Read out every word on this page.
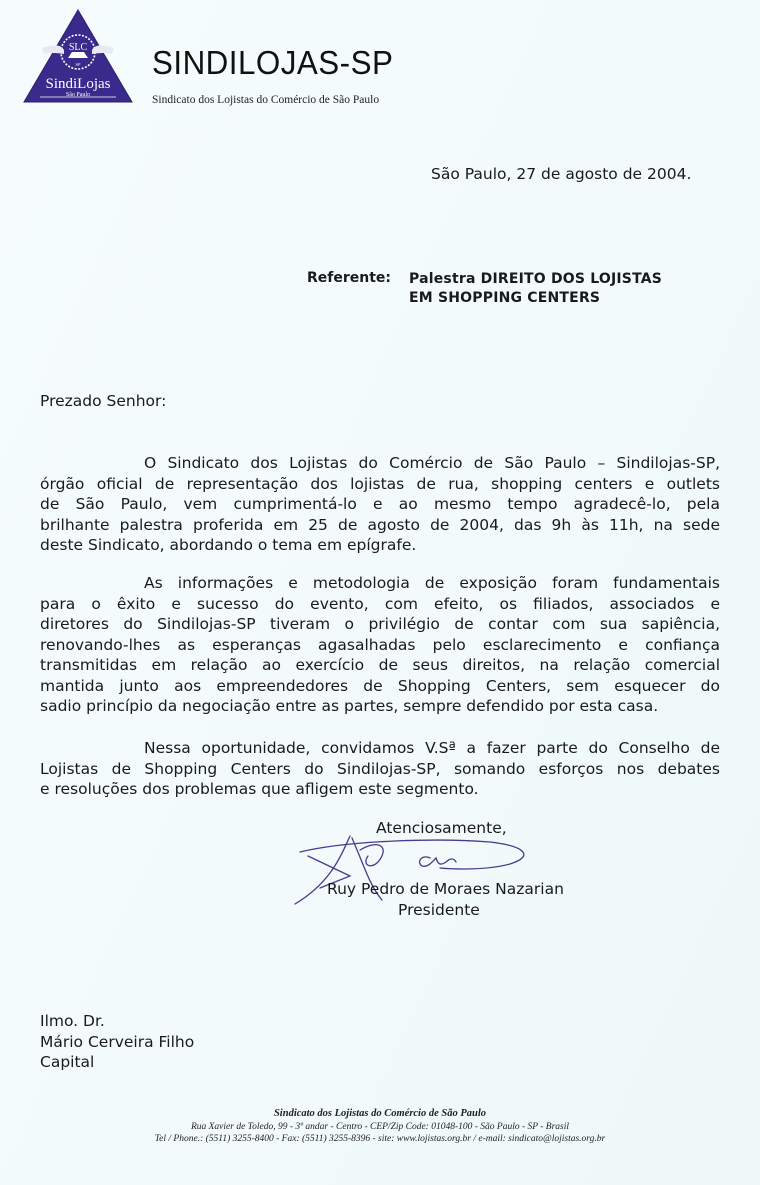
SLC
SP
SindiLojas
São Paulo
SINDILOJAS-SP
Sindicato dos Lojistas do Comércio de São Paulo
São Paulo, 27 de agosto de 2004.
Referente: Palestra DIREITO DOS LOJISTAS
EM SHOPPING CENTERS
Prezado Senhor:
O Sindicato dos Lojistas do Comércio de São Paulo – Sindilojas-SP,
órgão oficial de representação dos lojistas de rua, shopping centers e outlets
de São Paulo, vem cumprimentá-lo e ao mesmo tempo agradecê-lo, pela
brilhante palestra proferida em 25 de agosto de 2004, das 9h às 11h, na sede
deste Sindicato, abordando o tema em epígrafe.
As informações e metodologia de exposição foram fundamentais
para o êxito e sucesso do evento, com efeito, os filiados, associados e
diretores do Sindilojas-SP tiveram o privilégio de contar com sua sapiência,
renovando-lhes as esperanças agasalhadas pelo esclarecimento e confiança
transmitidas em relação ao exercício de seus direitos, na relação comercial
mantida junto aos empreendedores de Shopping Centers, sem esquecer do
sadio princípio da negociação entre as partes, sempre defendido por esta casa.
Nessa oportunidade, convidamos V.Sª a fazer parte do Conselho de
Lojistas de Shopping Centers do Sindilojas-SP, somando esforços nos debates
e resoluções dos problemas que afligem este segmento.
Atenciosamente,
Ruy Pedro de Moraes Nazarian
Presidente
Ilmo. Dr.
Mário Cerveira Filho
Capital
Sindicato dos Lojistas do Comércio de São Paulo
Rua Xavier de Toledo, 99 - 3º andar - Centro - CEP/Zip Code: 01048-100 - São Paulo - SP - Brasil
Tel / Phone.: (5511) 3255-8400 - Fax: (5511) 3255-8396 - site: www.lojistas.org.br / e-mail: sindicato@lojistas.org.br
